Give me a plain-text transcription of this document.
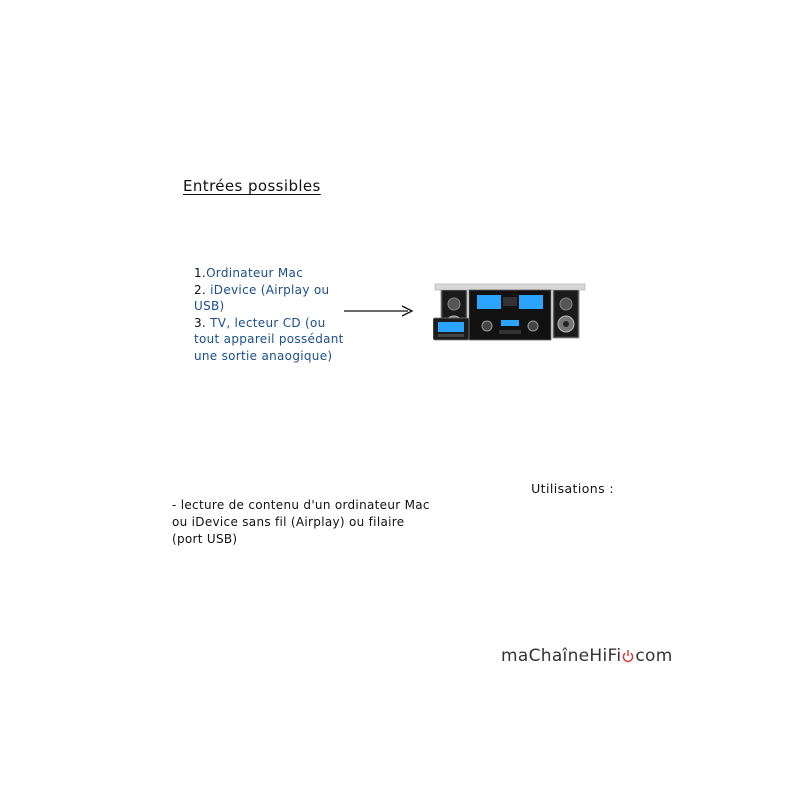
Entrées possibles
1.Ordinateur Mac
2. iDevice (Airplay ou USB)
3. TV, lecteur CD (ou tout appareil possédant une sortie anaogique)
Utilisations :
- lecture de contenu d'un ordinateur Mac ou iDevice sans fil (Airplay) ou filaire (port USB)
maChaîneHiFi com
